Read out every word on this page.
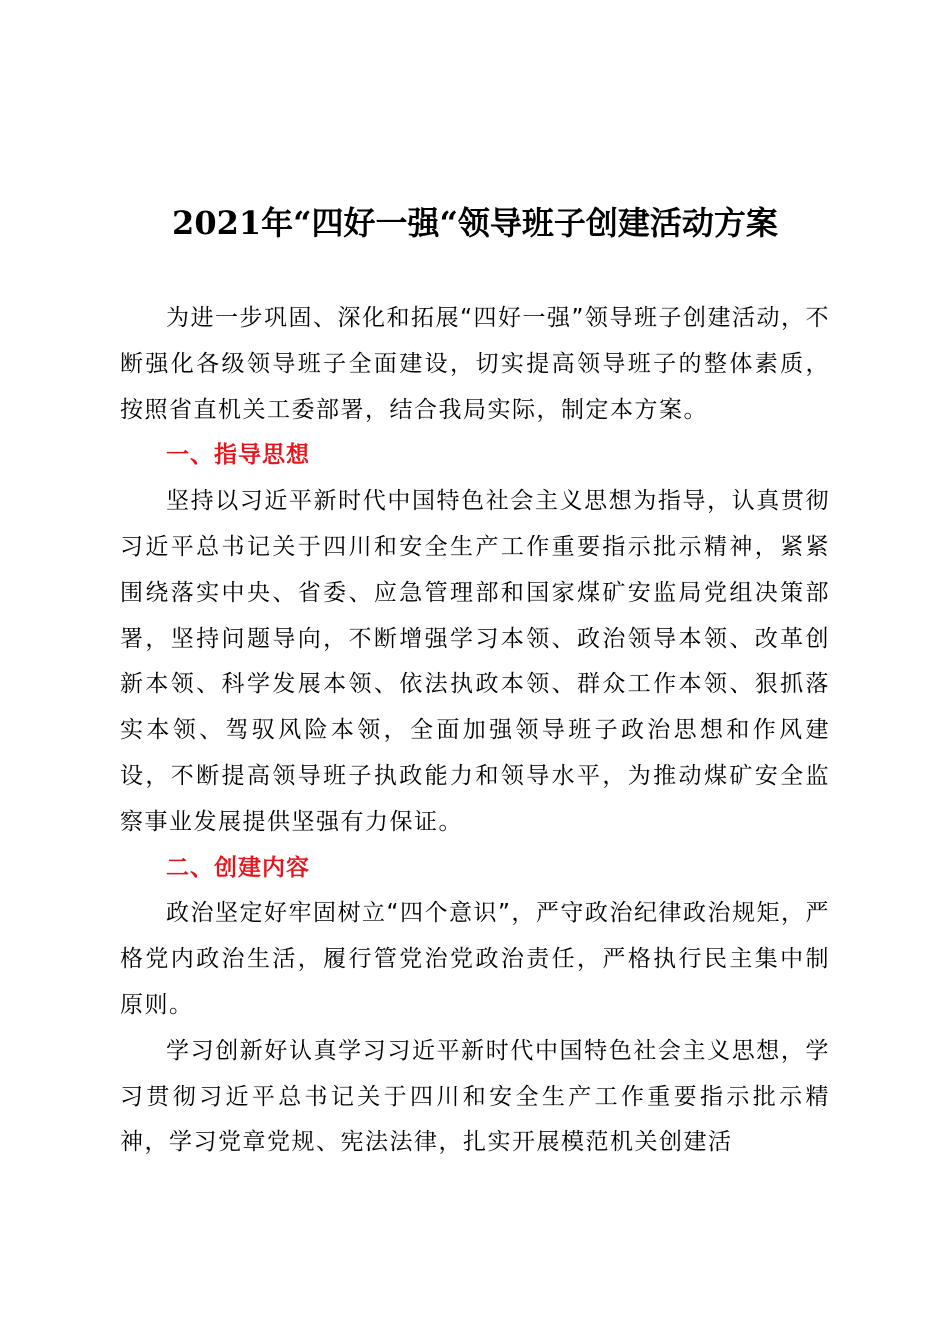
2021年“四好一强“领导班子创建活动方案

为进一步巩固、深化和拓展“四好一强”领导班子创建活动，不断强化各级领导班子全面建设，切实提高领导班子的整体素质，按照省直机关工委部署，结合我局实际，制定本方案。

一、指导思想

坚持以习近平新时代中国特色社会主义思想为指导，认真贯彻习近平总书记关于四川和安全生产工作重要指示批示精神，紧紧围绕落实中央、省委、应急管理部和国家煤矿安监局党组决策部署，坚持问题导向，不断增强学习本领、政治领导本领、改革创新本领、科学发展本领、依法执政本领、群众工作本领、狠抓落实本领、驾驭风险本领，全面加强领导班子政治思想和作风建设，不断提高领导班子执政能力和领导水平，为推动煤矿安全监察事业发展提供坚强有力保证。

二、创建内容

政治坚定好牢固树立“四个意识”，严守政治纪律政治规矩，严格党内政治生活，履行管党治党政治责任，严格执行民主集中制原则。

学习创新好认真学习习近平新时代中国特色社会主义思想，学习贯彻习近平总书记关于四川和安全生产工作重要指示批示精神，学习党章党规、宪法法律，扎实开展模范机关创建活
